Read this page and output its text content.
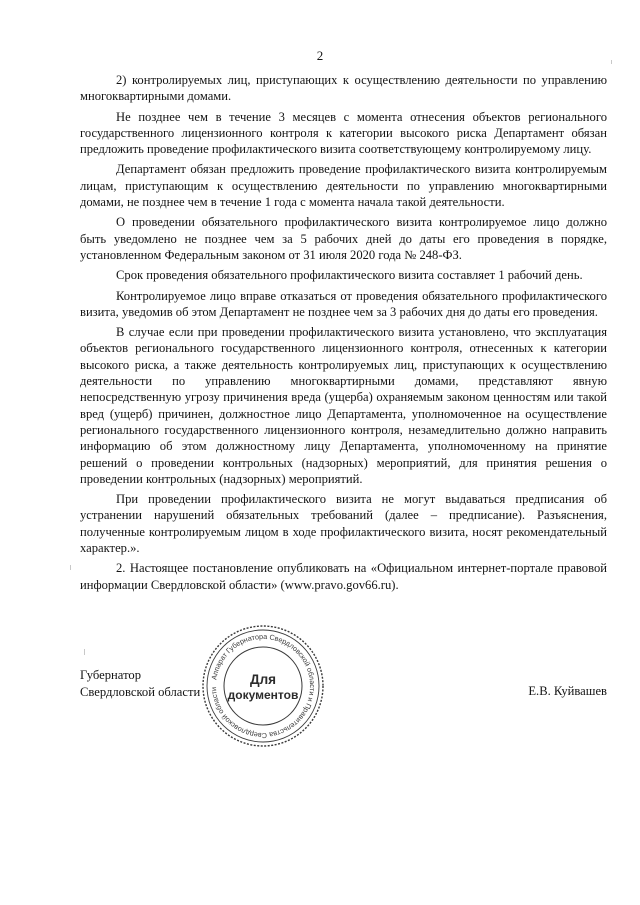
2

2) контролируемых лиц, приступающих к осуществлению деятельности по управлению многоквартирными домами.

Не позднее чем в течение 3 месяцев с момента отнесения объектов регионального государственного лицензионного контроля к категории высокого риска Департамент обязан предложить проведение профилактического визита соответствующему контролируемому лицу.

Департамент обязан предложить проведение профилактического визита контролируемым лицам, приступающим к осуществлению деятельности по управлению многоквартирными домами, не позднее чем в течение 1 года с момента начала такой деятельности.

О проведении обязательного профилактического визита контролируемое лицо должно быть уведомлено не позднее чем за 5 рабочих дней до даты его проведения в порядке, установленном Федеральным законом от 31 июля 2020 года № 248-ФЗ.

Срок проведения обязательного профилактического визита составляет 1 рабочий день.

Контролируемое лицо вправе отказаться от проведения обязательного профилактического визита, уведомив об этом Департамент не позднее чем за 3 рабочих дня до даты его проведения.

В случае если при проведении профилактического визита установлено, что эксплуатация объектов регионального государственного лицензионного контроля, отнесенных к категории высокого риска, а также деятельность контролируемых лиц, приступающих к осуществлению деятельности по управлению многоквартирными домами, представляют явную непосредственную угрозу причинения вреда (ущерба) охраняемым законом ценностям или такой вред (ущерб) причинен, должностное лицо Департамента, уполномоченное на осуществление регионального государственного лицензионного контроля, незамедлительно должно направить информацию об этом должностному лицу Департамента, уполномоченному на принятие решений о проведении контрольных (надзорных) мероприятий, для принятия решения о проведении контрольных (надзорных) мероприятий.

При проведении профилактического визита не могут выдаваться предписания об устранении нарушений обязательных требований (далее – предписание). Разъяснения, полученные контролируемым лицом в ходе профилактического визита, носят рекомендательный характер.».

2. Настоящее постановление опубликовать на «Официальном интернет-портале правовой информации Свердловской области» (www.pravo.gov66.ru).

Губернатор
Свердловской области	Е.В. Куйвашев
Аппарат Губернатора Свердловской области и Правительства Свердловской области
Для
документов
